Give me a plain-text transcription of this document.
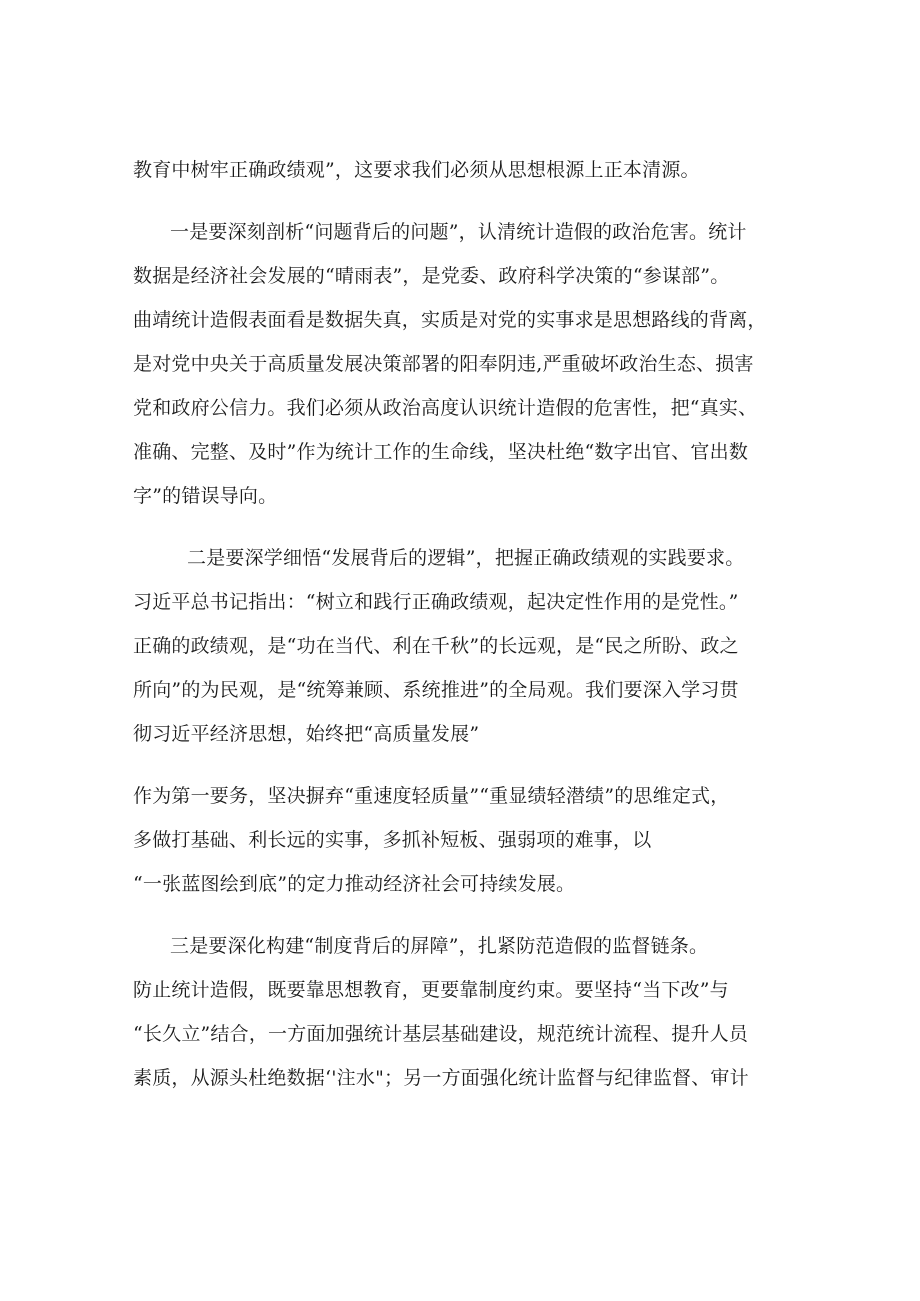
教育中树牢正确政绩观”，这要求我们必须从思想根源上正本清源。
一是要深刻剖析“问题背后的问题”，认清统计造假的政治危害。统计
数据是经济社会发展的“晴雨表”，是党委、政府科学决策的“参谋部”。
曲靖统计造假表面看是数据失真，实质是对党的实事求是思想路线的背离，
是对党中央关于高质量发展决策部署的阳奉阴违,严重破坏政治生态、损害
党和政府公信力。我们必须从政治高度认识统计造假的危害性，把“真实、
准确、完整、及时”作为统计工作的生命线，坚决杜绝“数字出官、官出数
字”的错误导向。
二是要深学细悟“发展背后的逻辑”，把握正确政绩观的实践要求。
习近平总书记指出：“树立和践行正确政绩观，起决定性作用的是党性。”
正确的政绩观，是“功在当代、利在千秋”的长远观，是“民之所盼、政之
所向”的为民观，是“统筹兼顾、系统推进”的全局观。我们要深入学习贯
彻习近平经济思想，始终把“高质量发展”
作为第一要务，坚决摒弃“重速度轻质量”“重显绩轻潜绩”的思维定式，
多做打基础、利长远的实事，多抓补短板、强弱项的难事，以
“一张蓝图绘到底”的定力推动经济社会可持续发展。
三是要深化构建“制度背后的屏障”，扎紧防范造假的监督链条。
防止统计造假，既要靠思想教育，更要靠制度约束。要坚持“当下改”与
“长久立”结合，一方面加强统计基层基础建设，规范统计流程、提升人员
素质，从源头杜绝数据‘'注水"；另一方面强化统计监督与纪律监督、审计
